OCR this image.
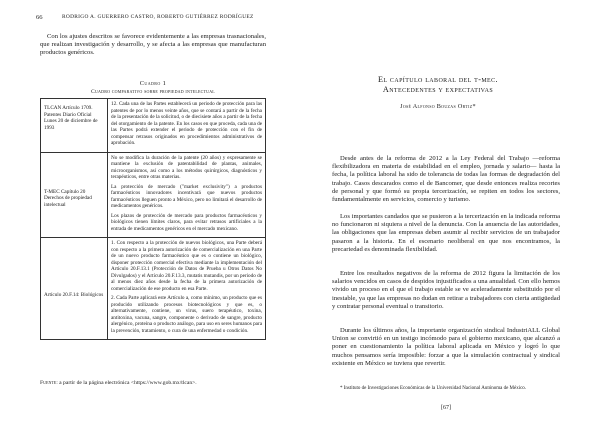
66	RODRIGO A. GUERRERO CASTRO, ROBERTO GUTIÉRREZ RODRÍGUEZ
Con los ajustes descritos se favorece evidentemente a las empresas trasnacionales, que realizan investigación y desarrollo, y se afecta a las empresas que manufacturan productos genéricos.
Cuadro 1
Cuadro comparativo sobre propiedad intelectual
TLCAN Artículo 1709. Patentes Diario Oficial Lunes 20 de diciembre de 1993	12. Cada una de las Partes establecerá un periodo de protección para las patentes de por lo menos veinte años, que se contará a partir de la fecha de la presentación de la solicitud, o de diecisiete años a partir de la fecha del otorgamiento de la patente. En los casos en que proceda, cada una de las Partes podrá extender el periodo de protección con el fin de compensar retrasos originados en procedimientos administrativos de aprobación.

T-MEC Capítulo 20 Derechos de propiedad intelectual	No se modifica la duración de la patente (20 años) y expresamente se mantiene la exclusión de patentabilidad de plantas, animales, microorganismos, así como a los métodos quirúrgicos, diagnósticos y terapéuticos, entre otras materias.

La protección de mercado ("market exclusivity") a productos farmacéuticos innovadores incentivará que nuevos productos farmacéuticos lleguen pronto a México, pero no limitará el desarrollo de medicamentos genéricos.

Los plazos de protección de mercado para productos farmacéuticos y biológicos tienen límites claros, para evitar retrasos artificiales a la entrada de medicamentos genéricos en el mercado mexicano.

Artículo 20.F.14: Biológicos	1. Con respecto a la protección de nuevos biológicos, una Parte deberá con respecto a la primera autorización de comercialización en una Parte de un nuevo producto farmacéutico que es o contiene un biológico, disponer protección comercial efectiva mediante la implementación del Artículo 20.F.13.1 (Protección de Datos de Prueba u Otros Datos No Divulgados) y el Artículo 20.F.13.3, mutatis mutandis, por un periodo de al menos diez años desde la fecha de la primera autorización de comercialización de ese producto en esa Parte.

2. Cada Parte aplicará este Artículo a, como mínimo, un producto que es producido utilizando procesos biotecnológicos y que es, o alternativamente, contiene, un virus, suero terapéutico, toxina, antitoxina, vacuna, sangre, componente o derivado de sangre, producto alergénico, proteína o producto análogo, para uso en seres humanos para la prevención, tratamiento, o cura de una enfermedad o condición.

Fuente: a partir de la página electrónica <https://www.gob.mx/tlcan>.
El capítulo laboral del t-mec.
Antecedentes y expectativas
José Alfonso Bouzas Ortiz*
Desde antes de la reforma de 2012 a la Ley Federal del Trabajo —reforma flexibilizadora en materia de estabilidad en el empleo, jornada y salario— hasta la fecha, la política laboral ha sido de tolerancia de todas las formas de degradación del trabajo. Casos descarados como el de Bancomer, que desde entonces realiza recortes de personal y que formó su propia tercerización, se repiten en todos los sectores, fundamentalmente en servicios, comercio y turismo.
Los importantes candados que se pusieron a la tercerización en la indicada reforma no funcionaron ni siquiera a nivel de la denuncia. Con la anuencia de las autoridades, las obligaciones que las empresas deben asumir al recibir servicios de un trabajador pasaron a la historia. En el escenario neoliberal en que nos encontramos, la precariedad es denominada flexibilidad.
Entre los resultados negativos de la reforma de 2012 figura la limitación de los salarios vencidos en casos de despidos injustificados a una anualidad. Con ello hemos vivido un proceso en el que el trabajo estable se ve aceleradamente substituido por el inestable, ya que las empresas no dudan en retirar a trabajadores con cierta antigüedad y contratar personal eventual o transitorio.
Durante los últimos años, la importante organización sindical IndustriALL Global Union se convirtió en un testigo incómodo para el gobierno mexicano, que alcanzó a poner en cuestionamiento la política laboral aplicada en México y logró lo que muchos pensamos sería imposible: forzar a que la simulación contractual y sindical existente en México se tuviera que revertir.
* Instituto de Investigaciones Económicas de la Universidad Nacional Autónoma de México.
[67]
